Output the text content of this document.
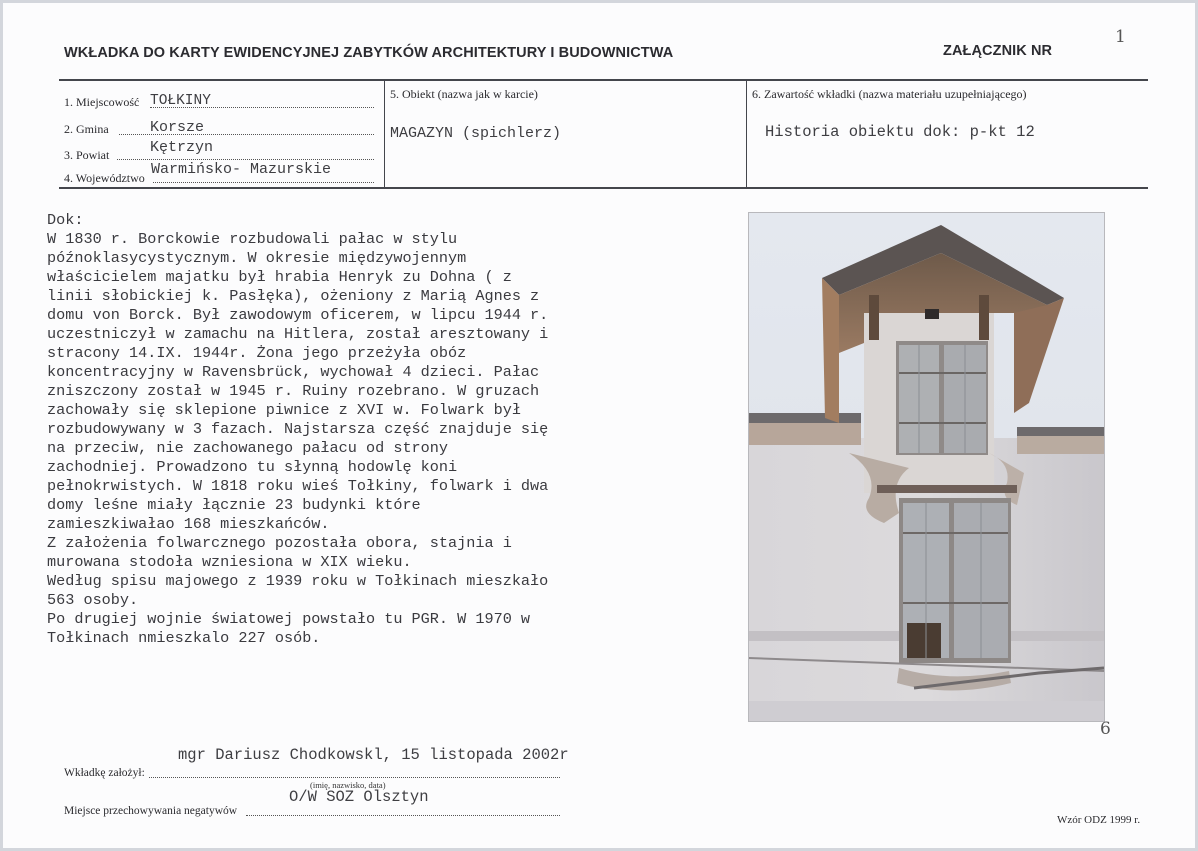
1
WKŁADKA DO KARTY EWIDENCYJNEJ ZABYTKÓW ARCHITEKTURY I BUDOWNICTWA	ZAŁĄCZNIK NR
1. Miejscowość TOŁKINY
2. Gmina	Korsze
3. Powiat	Kętrzyn
4. Województwo Warmińsko- Mazurskie
5. Obiekt (nazwa jak w karcie)
MAGAZYN (spichlerz)
6. Zawartość wkładki (nazwa materiału uzupełniającego)
Historia obiektu dok: p-kt 12
Dok:
W 1830 r. Borckowie rozbudowali pałac w stylu
późnoklasycystycznym. W okresie międzywojennym
właścicielem majatku był hrabia Henryk zu Dohna ( z
linii słobickiej k. Pasłęka), ożeniony z Marią Agnes z
domu von Borck. Był zawodowym oficerem, w lipcu 1944 r.
uczestniczył w zamachu na Hitlera, został aresztowany i
stracony 14.IX. 1944r. Żona jego przeżyła obóz
koncentracyjny w Ravensbrück, wychował 4 dzieci. Pałac
zniszczony został w 1945 r. Ruiny rozebrano. W gruzach
zachowały się sklepione piwnice z XVI w. Folwark był
rozbudowywany w 3 fazach. Najstarsza część znajduje się
na przeciw, nie zachowanego pałacu od strony
zachodniej. Prowadzono tu słynną hodowlę koni
pełnokrwistych. W 1818 roku wieś Tołkiny, folwark i dwa
domy leśne miały łącznie 23 budynki które
zamieszkiwałao 168 mieszkańców.
Z założenia folwarcznego pozostała obora, stajnia i
murowana stodoła wzniesiona w XIX wieku.
Według spisu majowego z 1939 roku w Tołkinach mieszkało
563 osoby.
Po drugiej wojnie światowej powstało tu PGR. W 1970 w
Tołkinach nmieszkalo 227 osób.
6
mgr Dariusz Chodkowskl, 15 listopada 2002r
Wkładkę założył:
(imię, nazwisko, data)
O/W SOZ Olsztyn
Miejsce przechowywania negatywów
Wzór ODZ 1999 r.
